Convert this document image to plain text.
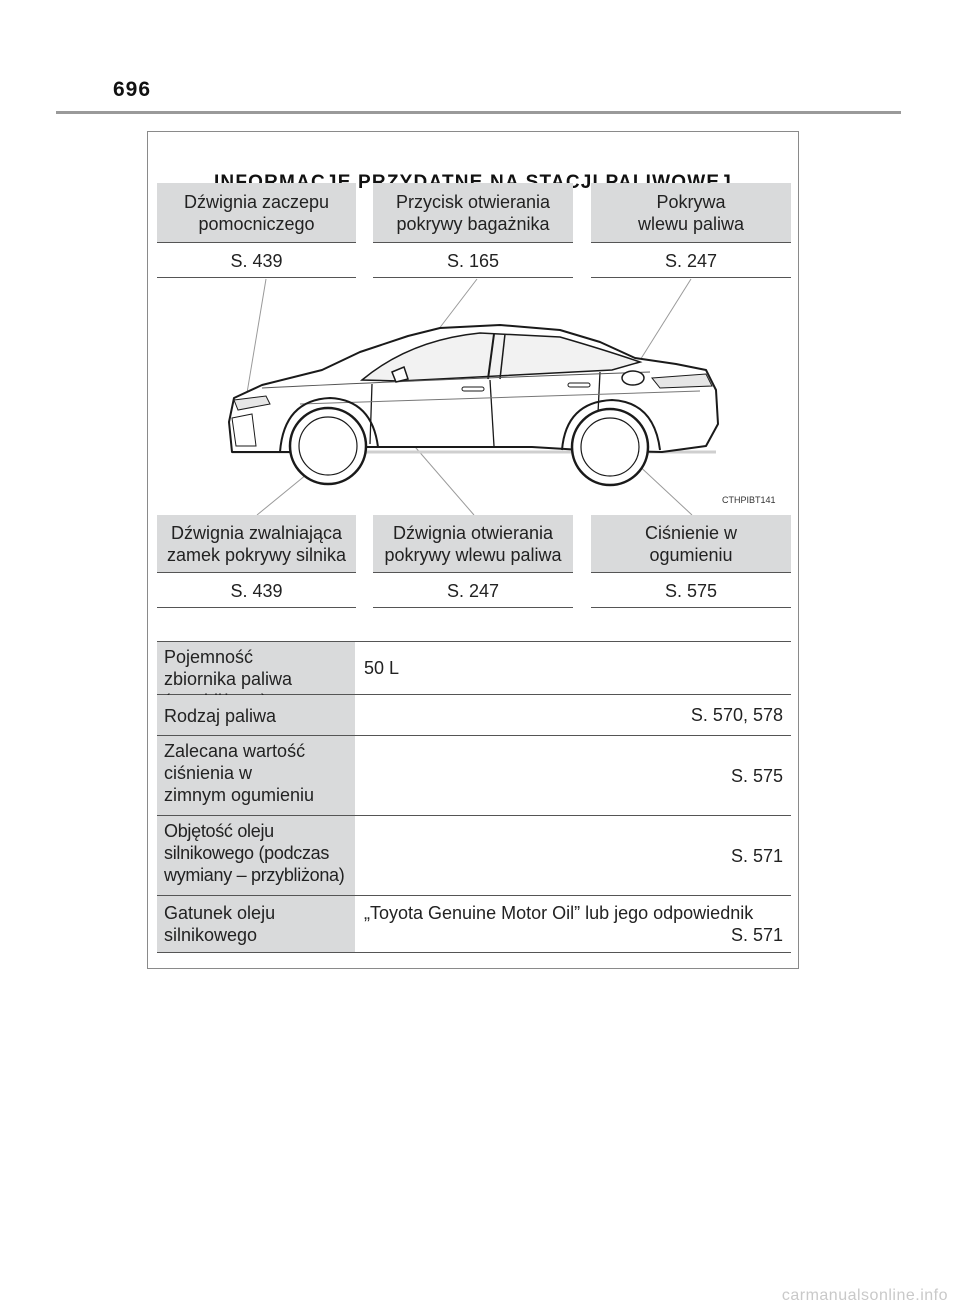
696
Dźwignia zaczepu pomocniczego
S. 439
Przycisk otwierania pokrywy bagażnika
S. 165
Pokrywa wlewu paliwa
S. 247
CTHPIBT141
Dźwignia zwalniająca zamek pokrywy silnika
S. 439
Dźwignia otwierania pokrywy wlewu paliwa
S. 247
Ciśnienie w ogumieniu
S. 575
Pojemność zbiornika paliwa
50 L
Rodzaj paliwa	S. 570, 578
Zalecana wartość ciśnienia w zimnym ogumieniu
S. 575
Objętość oleju silnikowego (podczas wymiany – przybliżona)
S. 571
Gatunek oleju silnikowego
„Toyota Genuine Motor Oil” lub jego odpowiednik
S. 571
carmanualsonline.info
